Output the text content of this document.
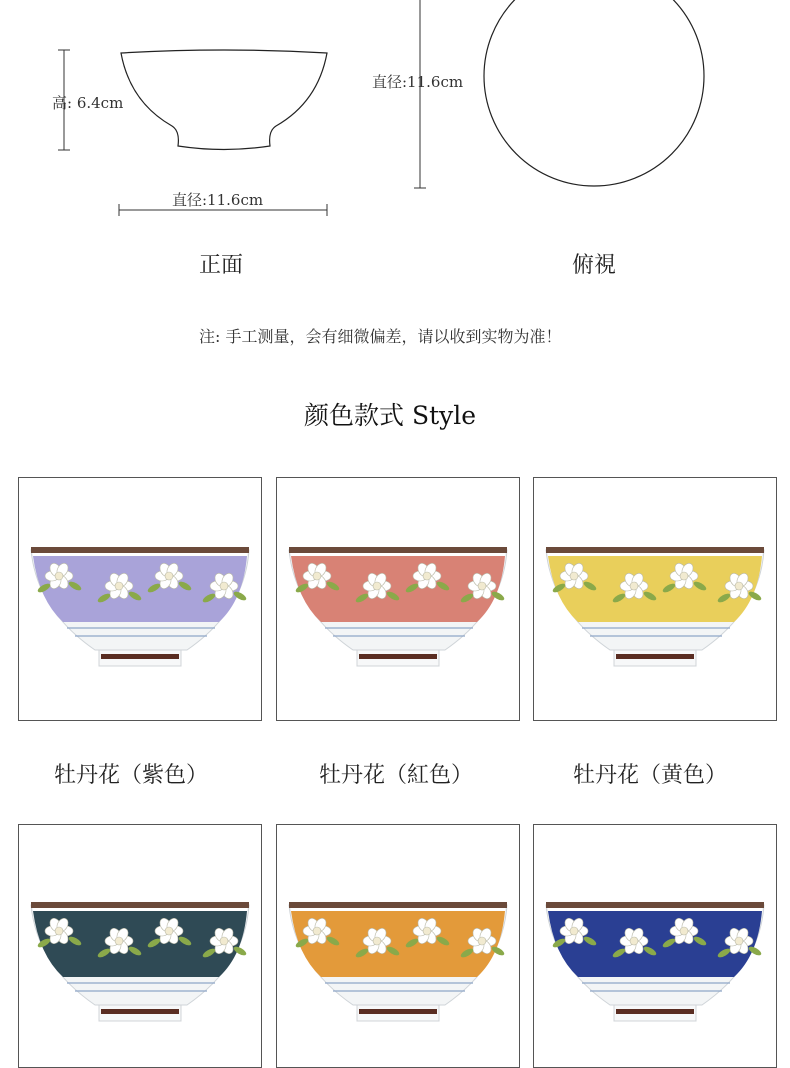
高: 6.4cm
直径:11.6cm
直径:11.6cm
正面	俯視
注: 手工测量，会有细微偏差，请以收到实物为准！
颜色款式 Style
牡丹花（紫色）	牡丹花（紅色）	牡丹花（黄色）
